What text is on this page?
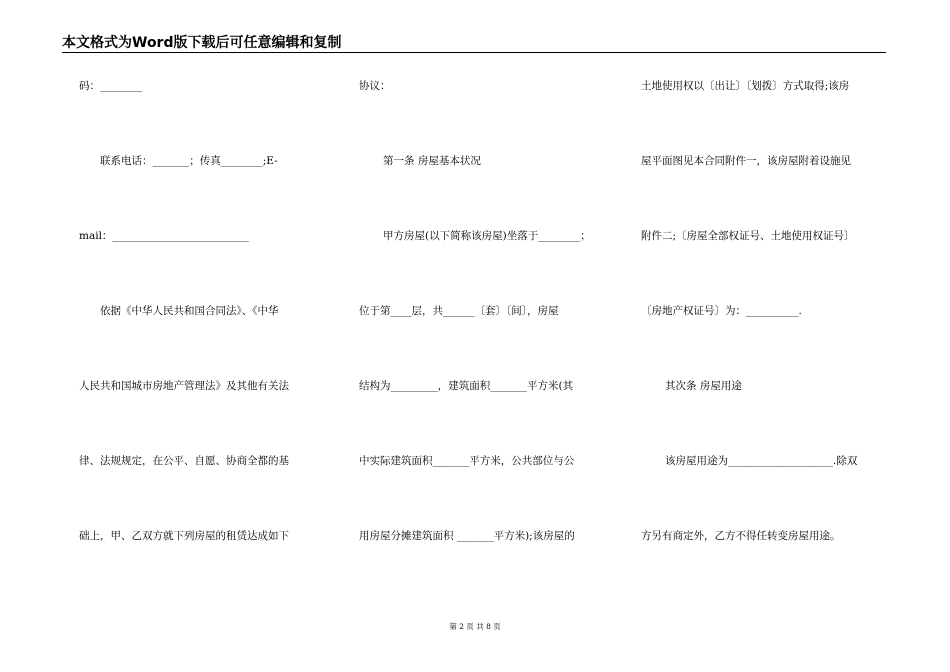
本文格式为Word版下载后可任意编辑和复制
码：________
联系电话：_______；传真________;E-
mail：__________________________
依据《中华人民共和国合同法》、《中华
人民共和国城市房地产管理法》及其他有关法
律、法规规定，在公平、自愿、协商全都的基
础上，甲、乙双方就下列房屋的租赁达成如下
协议：
第一条 房屋基本状况
甲方房屋(以下简称该房屋)坐落于________；
位于第____层，共______〔套〕〔间〕，房屋
结构为_________，建筑面积_______平方米(其
中实际建筑面积_______平方米，公共部位与公
用房屋分摊建筑面积 _______平方米);该房屋的
土地使用权以〔出让〕〔划拨〕方式取得;该房
屋平面图见本合同附件一，该房屋附着设施见
附件二;〔房屋全部权证号、土地使用权证号〕
〔房地产权证号〕为：__________.
其次条 房屋用途
该房屋用途为____________________.除双
方另有商定外，乙方不得任转变房屋用途。
第 2 页 共 8 页
